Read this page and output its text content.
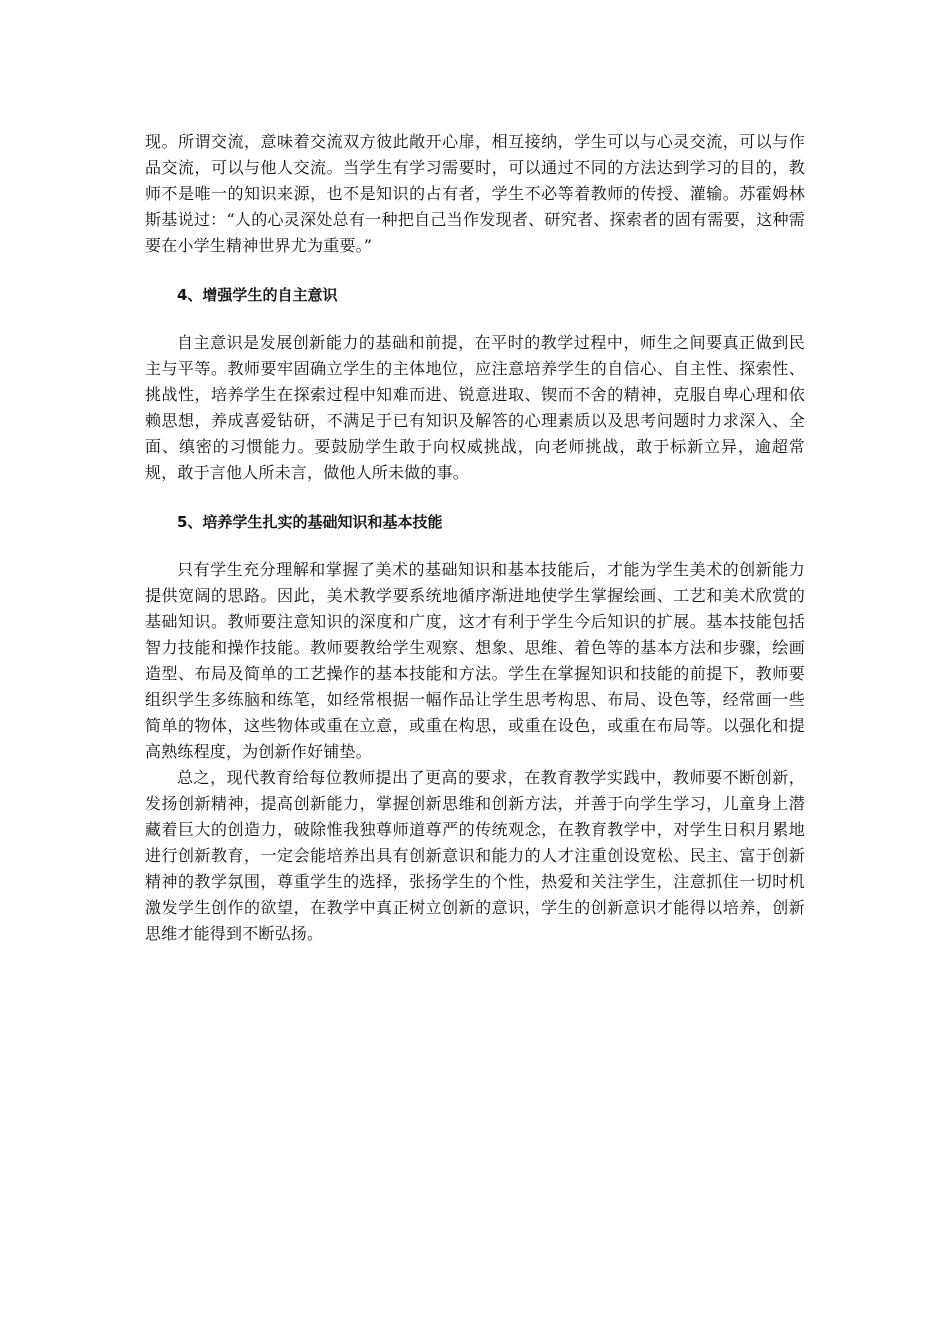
现。所谓交流，意味着交流双方彼此敞开心扉，相互接纳，学生可以与心灵交流，可以与作品交流，可以与他人交流。当学生有学习需要时，可以通过不同的方法达到学习的目的，教师不是唯一的知识来源，也不是知识的占有者，学生不必等着教师的传授、灌输。苏霍姆林斯基说过：“人的心灵深处总有一种把自己当作发现者、研究者、探索者的固有需要，这种需要在小学生精神世界尤为重要。”

4、增强学生的自主意识

自主意识是发展创新能力的基础和前提，在平时的教学过程中，师生之间要真正做到民主与平等。教师要牢固确立学生的主体地位，应注意培养学生的自信心、自主性、探索性、挑战性，培养学生在探索过程中知难而进、锐意进取、锲而不舍的精神，克服自卑心理和依赖思想，养成喜爱钻研，不满足于已有知识及解答的心理素质以及思考问题时力求深入、全面、缜密的习惯能力。要鼓励学生敢于向权威挑战，向老师挑战，敢于标新立异，逾超常规，敢于言他人所未言，做他人所未做的事。

5、培养学生扎实的基础知识和基本技能

只有学生充分理解和掌握了美术的基础知识和基本技能后，才能为学生美术的创新能力提供宽阔的思路。因此，美术教学要系统地循序渐进地使学生掌握绘画、工艺和美术欣赏的基础知识。教师要注意知识的深度和广度，这才有利于学生今后知识的扩展。基本技能包括智力技能和操作技能。教师要教给学生观察、想象、思维、着色等的基本方法和步骤，绘画造型、布局及简单的工艺操作的基本技能和方法。学生在掌握知识和技能的前提下，教师要组织学生多练脑和练笔，如经常根据一幅作品让学生思考构思、布局、设色等，经常画一些简单的物体，这些物体或重在立意，或重在构思，或重在设色，或重在布局等。以强化和提高熟练程度，为创新作好铺垫。

总之，现代教育给每位教师提出了更高的要求，在教育教学实践中，教师要不断创新，发扬创新精神，提高创新能力，掌握创新思维和创新方法，并善于向学生学习，儿童身上潜藏着巨大的创造力，破除惟我独尊师道尊严的传统观念，在教育教学中，对学生日积月累地进行创新教育，一定会能培养出具有创新意识和能力的人才注重创设宽松、民主、富于创新精神的教学氛围，尊重学生的选择，张扬学生的个性，热爱和关注学生，注意抓住一切时机激发学生创作的欲望，在教学中真正树立创新的意识，学生的创新意识才能得以培养，创新思维才能得到不断弘扬。
